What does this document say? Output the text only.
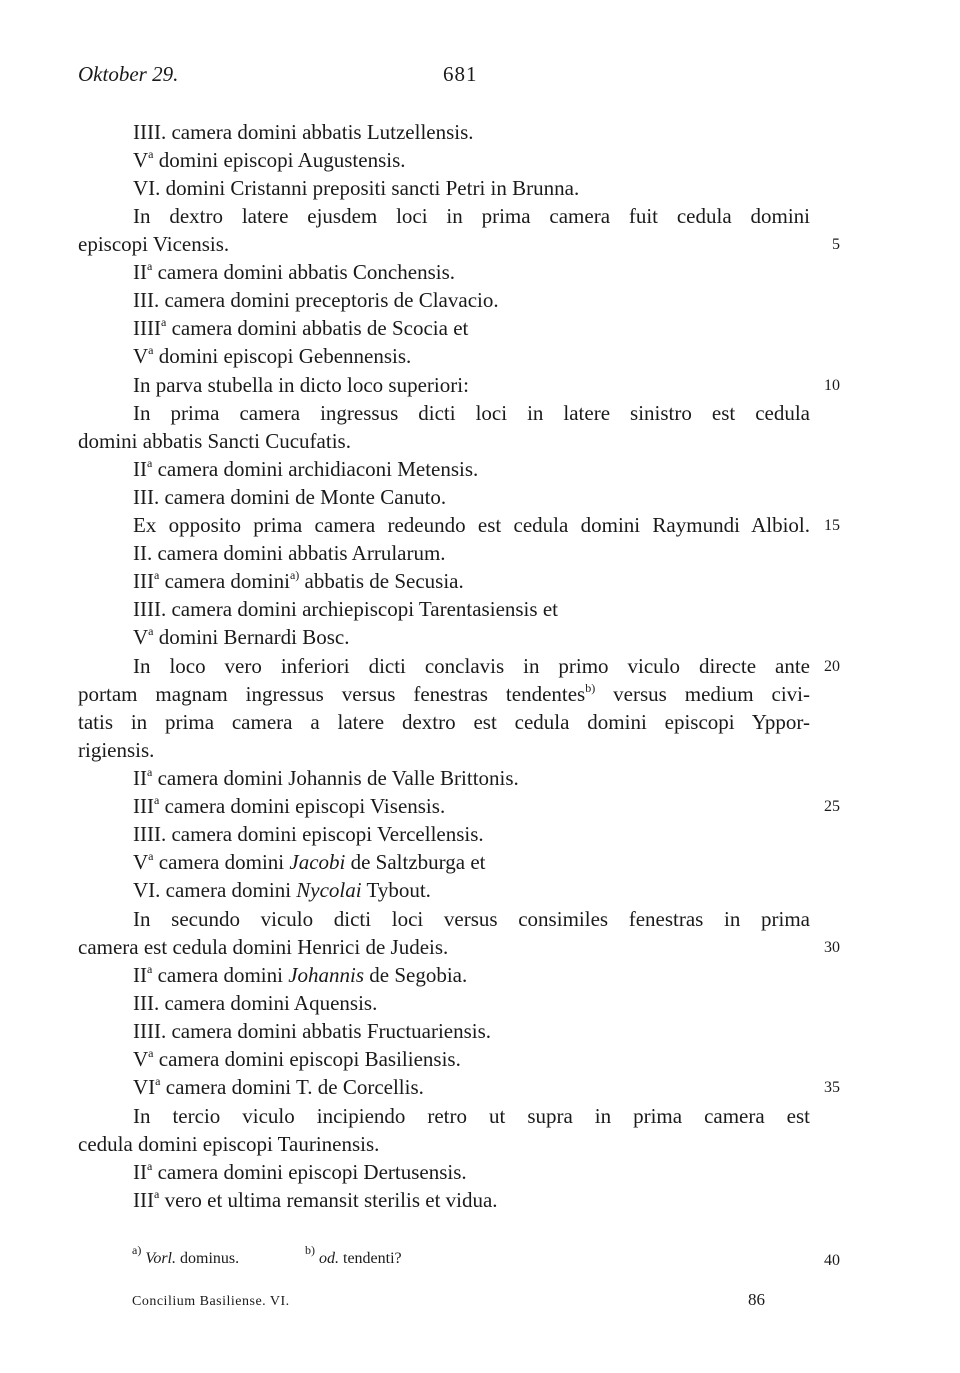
Oktober 29.	681
IIII. camera domini abbatis Lutzellensis.
$V^a$ domini episcopi Augustensis.
VI. domini Cristanni prepositi sancti Petri in Brunna.
In dextro latere ejusdem loci in prima camera fuit cedula domini
episcopi Vicensis.
$II^a$ camera domini abbatis Conchensis.
III. camera domini preceptoris de Clavacio.
IIII$^a$ camera domini abbatis de Scocia et
$V^a$ domini episcopi Gebennensis.
In parva stubella in dicto loco superiori:
In prima camera ingressus dicti loci in latere sinistro est cedula
domini abbatis Sancti Cucufatis.
$II^a$ camera domini archidiaconi Metensis.
III. camera domini de Monte Canuto.
Ex opposito prima camera redeundo est cedula domini Raymundi Albiol.
II. camera domini abbatis Arrularum.
III$^a$ camera domini$^{a)}$ abbatis de Secusia.
IIII. camera domini archiepiscopi Tarentasiensis et
$V^a$ domini Bernardi Bosc.
In loco vero inferiori dicti conclavis in primo viculo directe ante
portam magnam ingressus versus fenestras tendentes$^{b)}$ versus medium civi-
tatis in prima camera a latere dextro est cedula domini episcopi Yppor-
rigiensis.
$II^a$ camera domini Johannis de Valle Brittonis.
III$^a$ camera domini episcopi Visensis.
IIII. camera domini episcopi Vercellensis.
$V^a$ camera domini Jacobi de Saltzburga et
VI. camera domini Nycolai Tybout.
In secundo viculo dicti loci versus consimiles fenestras in prima
camera est cedula domini Henrici de Judeis.
$II^a$ camera domini Johannis de Segobia.
III. camera domini Aquensis.
IIII. camera domini abbatis Fructuariensis.
$V^a$ camera domini episcopi Basiliensis.
$VI^a$ camera domini T. de Corcellis.
In tercio viculo incipiendo retro ut supra in prima camera est
cedula domini episcopi Taurinensis.
$II^a$ camera domini episcopi Dertusensis.
III$^a$ vero et ultima remansit sterilis et vidua.
5
10
15
20
25
30
35
40
$^{a)}$ Vorl. dominus.	$^{b)}$ od. tendenti?
Concilium Basiliense. VI.	86
